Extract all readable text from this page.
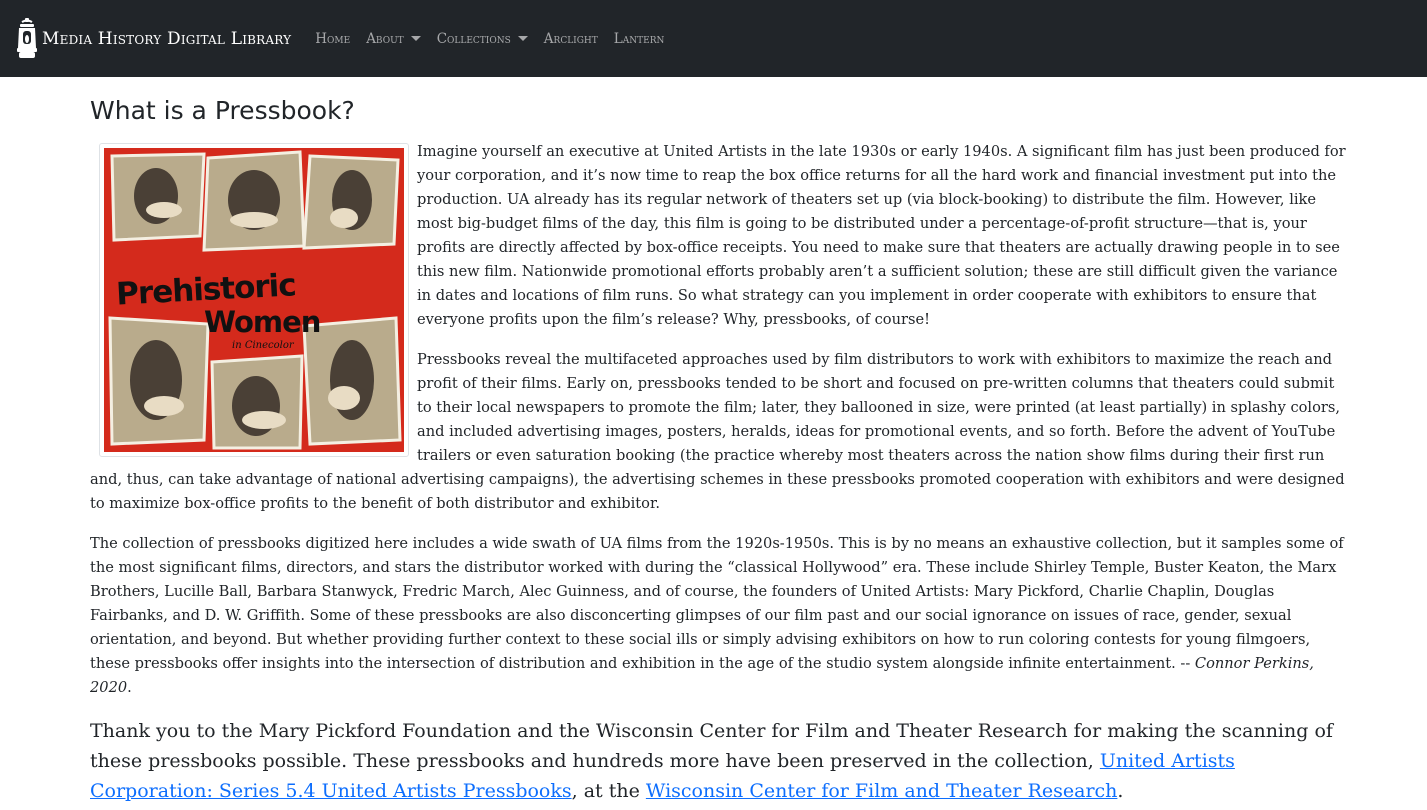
Media History Digital Library Home About Collections Arclight Lantern
What is a Pressbook?
Prehistoric
Women
in Cinecolor

Imagine yourself an executive at United Artists in the late 1930s or early 1940s. A significant film has just been produced for your corporation, and it’s now time to reap the box office returns for all the hard work and financial investment put into the production. UA already has its regular network of theaters set up (via block-booking) to distribute the film. However, like most big-budget films of the day, this film is going to be distributed under a percentage-of-profit structure—that is, your profits are directly affected by box-office receipts. You need to make sure that theaters are actually drawing people in to see this new film. Nationwide promotional efforts probably aren’t a sufficient solution; these are still difficult given the variance in dates and locations of film runs. So what strategy can you implement in order cooperate with exhibitors to ensure that everyone profits upon the film’s release? Why, pressbooks, of course!

Pressbooks reveal the multifaceted approaches used by film distributors to work with exhibitors to maximize the reach and profit of their films. Early on, pressbooks tended to be short and focused on pre-written columns that theaters could submit to their local newspapers to promote the film; later, they ballooned in size, were printed (at least partially) in splashy colors, and included advertising images, posters, heralds, ideas for promotional events, and so forth. Before the advent of YouTube trailers or even saturation booking (the practice whereby most theaters across the nation show films during their first run and, thus, can take advantage of national advertising campaigns), the advertising schemes in these pressbooks promoted cooperation with exhibitors and were designed to maximize box-office profits to the benefit of both distributor and exhibitor.

The collection of pressbooks digitized here includes a wide swath of UA films from the 1920s-1950s. This is by no means an exhaustive collection, but it samples some of the most significant films, directors, and stars the distributor worked with during the “classical Hollywood” era. These include Shirley Temple, Buster Keaton, the Marx Brothers, Lucille Ball, Barbara Stanwyck, Fredric March, Alec Guinness, and of course, the founders of United Artists: Mary Pickford, Charlie Chaplin, Douglas Fairbanks, and D. W. Griffith. Some of these pressbooks are also disconcerting glimpses of our film past and our social ignorance on issues of race, gender, sexual orientation, and beyond. But whether providing further context to these social ills or simply advising exhibitors on how to run coloring contests for young filmgoers, these pressbooks offer insights into the intersection of distribution and exhibition in the age of the studio system alongside infinite entertainment. -- Connor Perkins, 2020.

Thank you to the Mary Pickford Foundation and the Wisconsin Center for Film and Theater Research for making the scanning of these pressbooks possible. These pressbooks and hundreds more have been preserved in the collection, United Artists Corporation: Series 5.4 United Artists Pressbooks, at the Wisconsin Center for Film and Theater Research.
